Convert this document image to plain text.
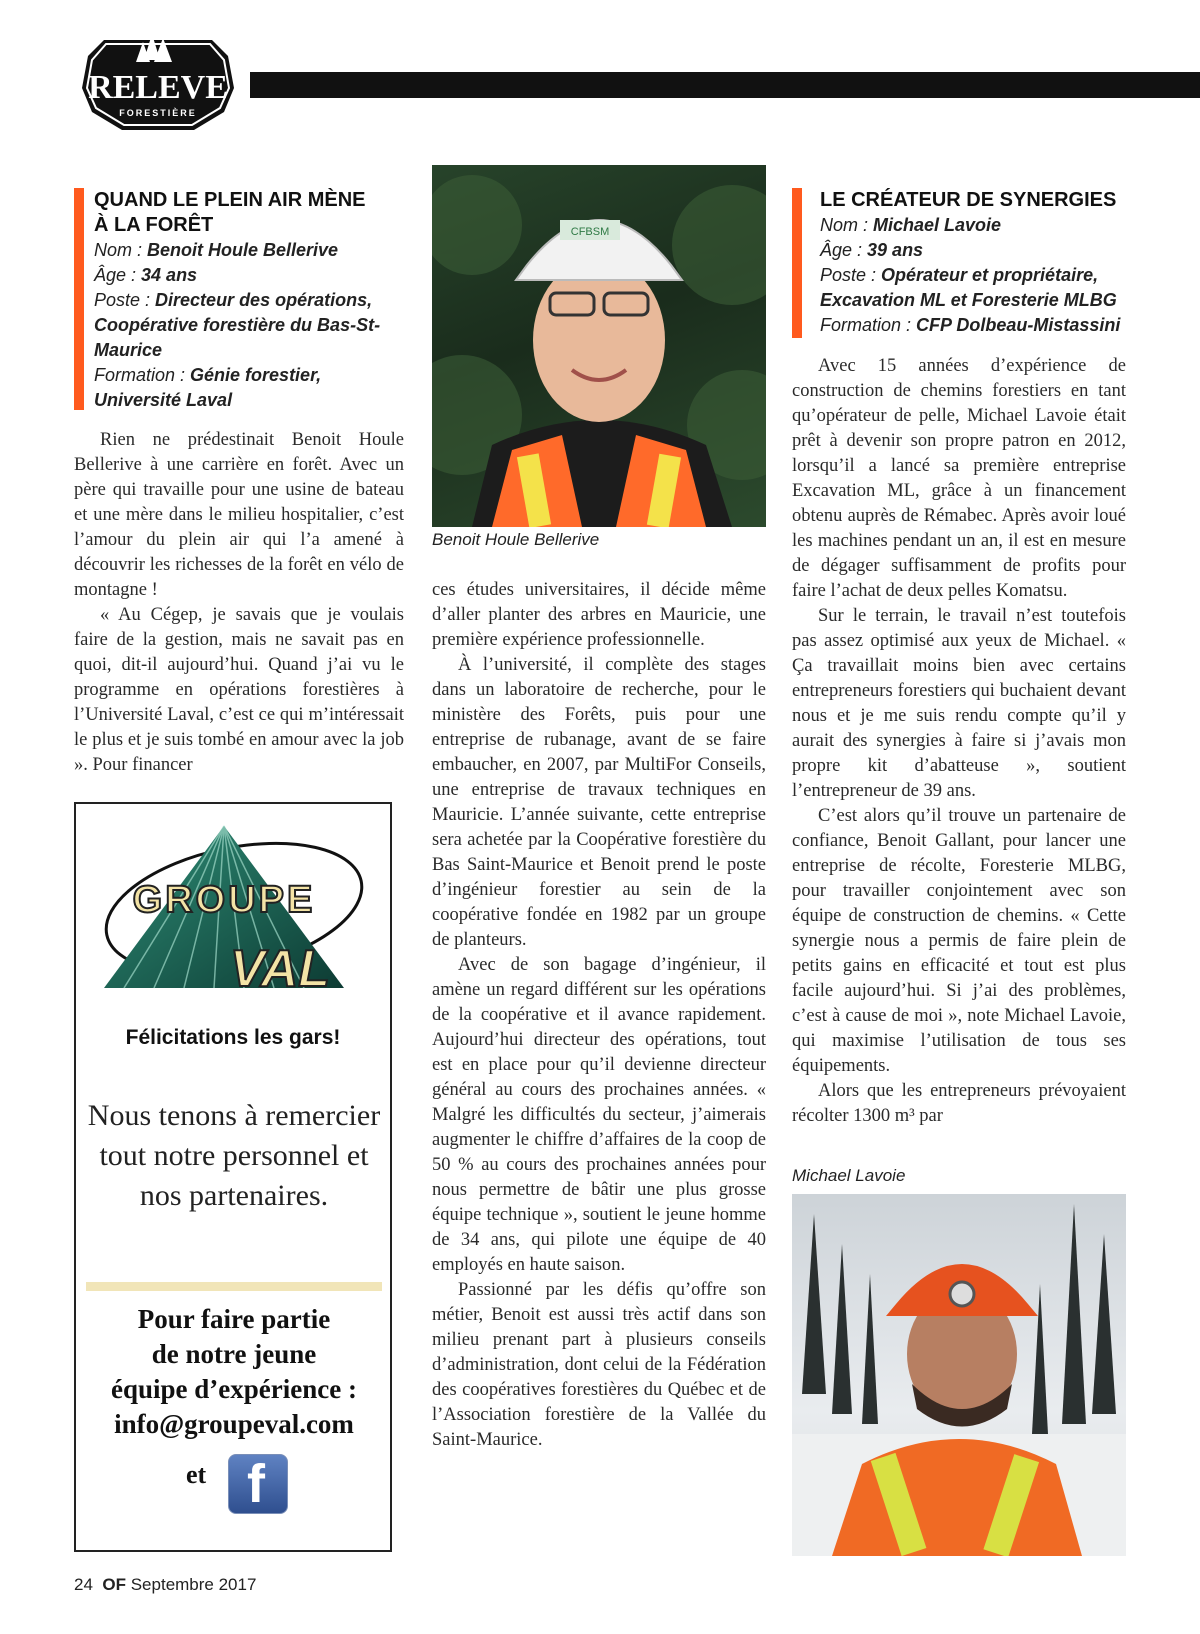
RELEVE
FORESTIÈRE
QUAND LE PLEIN AIR MÈNE
À LA FORÊT
Nom : Benoit Houle Bellerive
Âge : 34 ans
Poste : Directeur des opérations,
Coopérative forestière du Bas-St-
Maurice
Formation : Génie forestier,
Université Laval

Rien ne prédestinait Benoit Houle Bellerive à une carrière en forêt. Avec un père qui travaille pour une usine de bateau et une mère dans le milieu hospitalier, c’est l’amour du plein air qui l’a amené à découvrir les richesses de la forêt en vélo de montagne !

« Au Cégep, je savais que je voulais faire de la gestion, mais ne savait pas en quoi, dit-il aujourd’hui. Quand j’ai vu le programme en opérations forestières à l’Université Laval, c’est ce qui m’intéressait le plus et je suis tombé en amour avec la job ». Pour financer

GROUPE
VAL
Félicitations les gars!
Nous tenons à remercier tout notre personnel et nos partenaires.
Pour faire partie
de notre jeune
équipe d’expérience :
info@groupeval.com
et f
CFBSM
Benoit Houle Bellerive

ces études universitaires, il décide même d’aller planter des arbres en Mauricie, une première expérience professionnelle.

À l’université, il complète des stages dans un laboratoire de recherche, pour le ministère des Forêts, puis pour une entreprise de rubanage, avant de se faire embaucher, en 2007, par MultiFor Conseils, une entreprise de travaux techniques en Mauricie. L’année suivante, cette entreprise sera achetée par la Coopérative forestière du Bas Saint-Maurice et Benoit prend le poste d’ingénieur forestier au sein de la coopérative fondée en 1982 par un groupe de planteurs.

Avec de son bagage d’ingénieur, il amène un regard différent sur les opérations de la coopérative et il avance rapidement. Aujourd’hui directeur des opérations, tout est en place pour qu’il devienne directeur général au cours des prochaines années. « Malgré les difficultés du secteur, j’aimerais augmenter le chiffre d’affaires de la coop de 50 % au cours des prochaines années pour nous permettre de bâtir une plus grosse équipe technique », soutient le jeune homme de 34 ans, qui pilote une équipe de 40 employés en haute saison.

Passionné par les défis qu’offre son métier, Benoit est aussi très actif dans son milieu prenant part à plusieurs conseils d’administration, dont celui de la Fédération des coopératives forestières du Québec et de l’Association forestière de la Vallée du Saint-Maurice.

LE CRÉATEUR DE SYNERGIES
Nom : Michael Lavoie
Âge : 39 ans
Poste : Opérateur et propriétaire,
Excavation ML et Foresterie MLBG
Formation : CFP Dolbeau-Mistassini

Avec 15 années d’expérience de construction de chemins forestiers en tant qu’opérateur de pelle, Michael Lavoie était prêt à devenir son propre patron en 2012, lorsqu’il a lancé sa première entreprise Excavation ML, grâce à un financement obtenu auprès de Rémabec. Après avoir loué les machines pendant un an, il est en mesure de dégager suffisamment de profits pour faire l’achat de deux pelles Komatsu.

Sur le terrain, le travail n’est toutefois pas assez optimisé aux yeux de Michael. « Ça travaillait moins bien avec certains entrepreneurs forestiers qui buchaient devant nous et je me suis rendu compte qu’il y aurait des synergies à faire si j’avais mon propre kit d’abatteuse », soutient l’entrepreneur de 39 ans.

C’est alors qu’il trouve un partenaire de confiance, Benoit Gallant, pour lancer une entreprise de récolte, Foresterie MLBG, pour travailler conjointement avec son équipe de construction de chemins. « Cette synergie nous a permis de faire plein de petits gains en efficacité et tout est plus facile aujourd’hui. Si j’ai des problèmes, c’est à cause de moi », note Michael Lavoie, qui maximise l’utilisation de tous ses équipements.

Alors que les entrepreneurs prévoyaient récolter 1300 m³ par

Michael Lavoie
24 OF Septembre 2017
